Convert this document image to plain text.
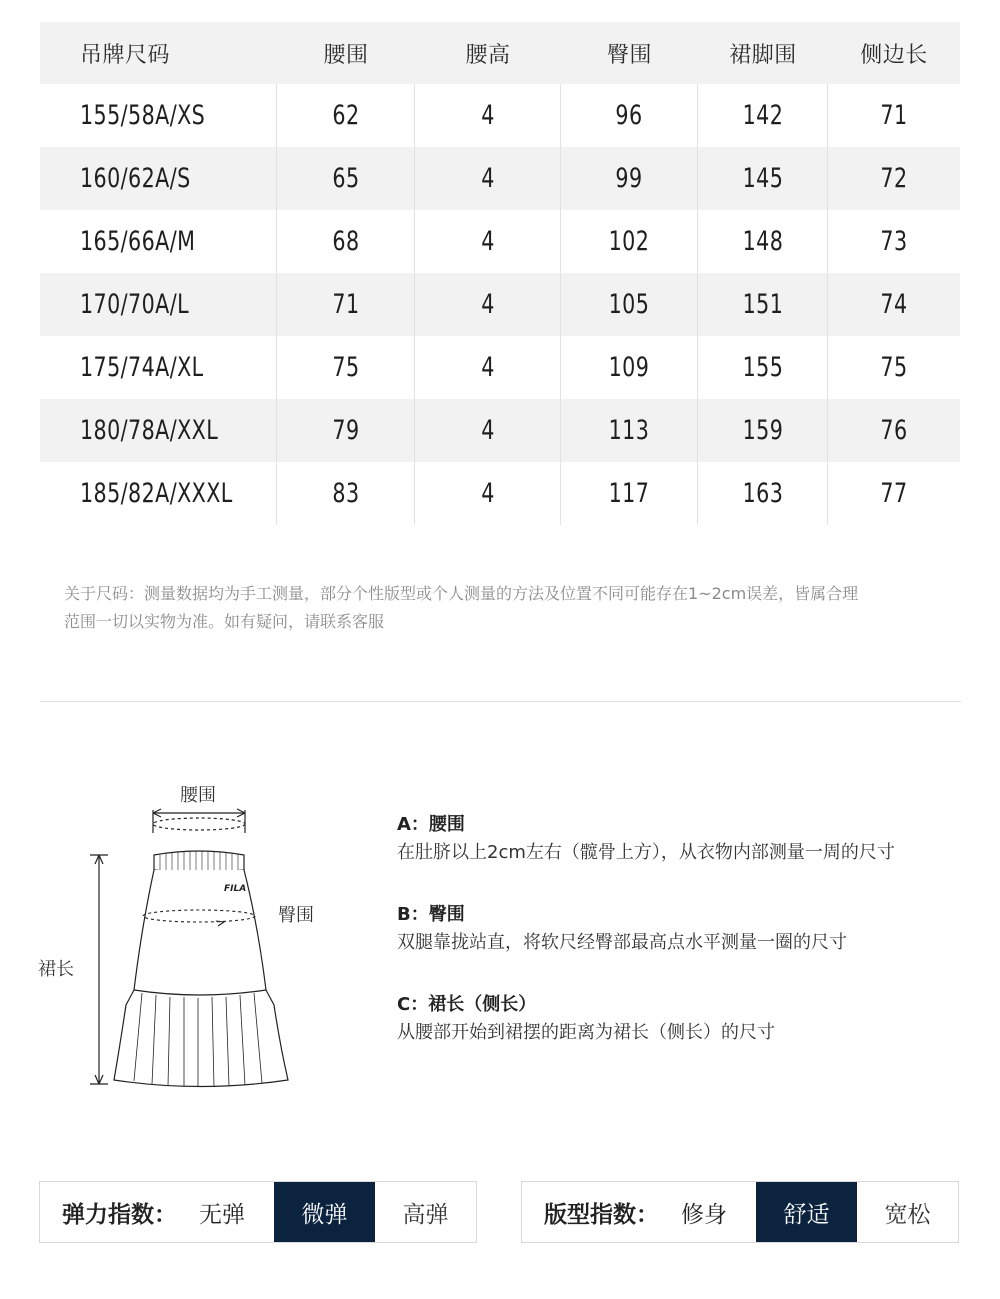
吊牌尺码	腰围	腰高	臀围	裙脚围	侧边长
155/58A/XS	62	4	96	142	71
160/62A/S	65	4	99	145	72
165/66A/M	68	4	102	148	73
170/70A/L	71	4	105	151	74
175/74A/XL	75	4	109	155	75
180/78A/XXL	79	4	113	159	76
185/82A/XXXL	83	4	117	163	77
关于尺码：测量数据均为手工测量，部分个性版型或个人测量的方法及位置不同可能存在1~2cm误差，皆属合理
范围一切以实物为准。如有疑问，请联系客服
腰围
臀围
裙长
FILA
A：腰围
在肚脐以上2cm左右（髋骨上方），从衣物内部测量一周的尺寸
B：臀围
双腿靠拢站直，将软尺经臀部最高点水平测量一圈的尺寸
C：裙长（侧长）
从腰部开始到裙摆的距离为裙长（侧长）的尺寸
弹力指数： 无弹	微弹	高弹	版型指数： 修身	舒适	宽松
